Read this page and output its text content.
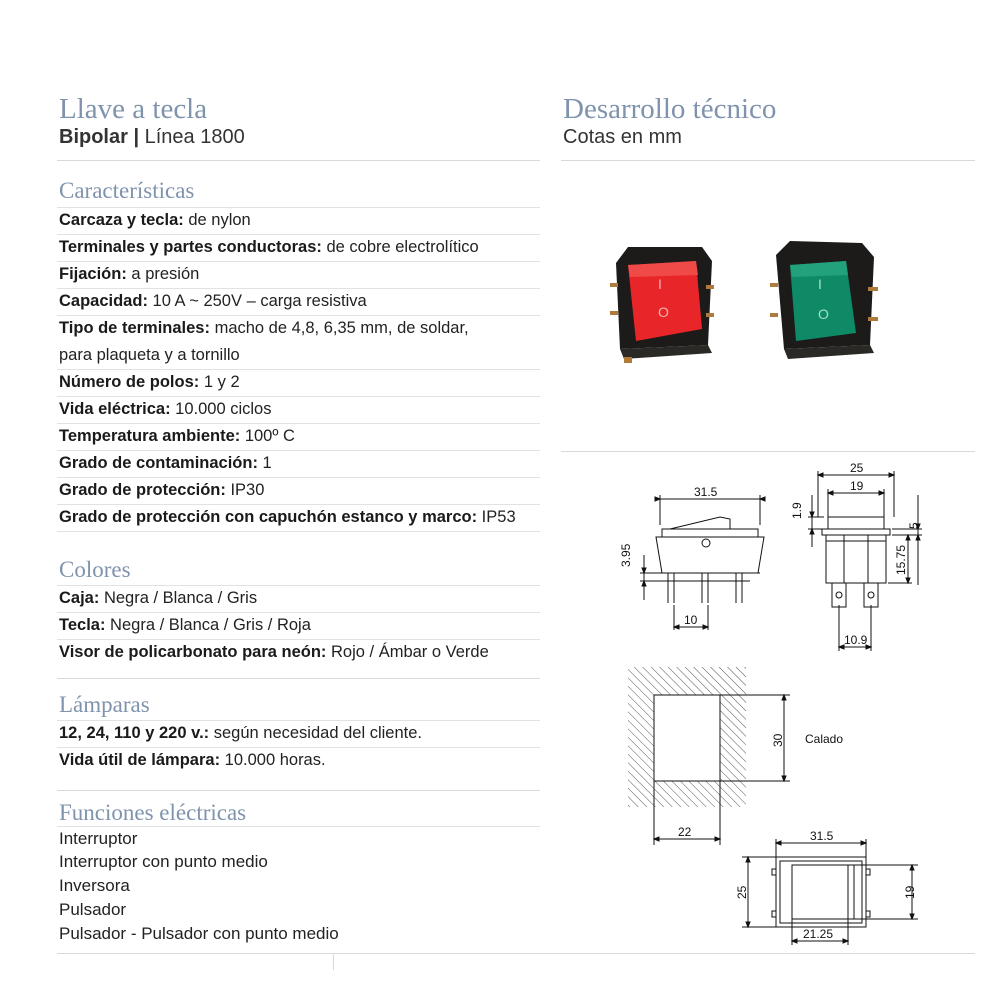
Llave a tecla
Bipolar | Línea 1800
Características
Carcaza y tecla: de nylon
Terminales y partes conductoras: de cobre electrolítico
Fijación: a presión
Capacidad: 10 A ~ 250V – carga resistiva
Tipo de terminales: macho de 4,8, 6,35 mm, de soldar,
para plaqueta y a tornillo
Número de polos: 1 y 2
Vida eléctrica: 10.000 ciclos
Temperatura ambiente: 100º C
Grado de contaminación: 1
Grado de protección: IP30
Grado de protección con capuchón estanco y marco: IP53
Colores
Caja: Negra / Blanca / Gris
Tecla: Negra / Blanca / Gris / Roja
Visor de policarbonato para neón: Rojo / Ámbar o Verde
Lámparas
12, 24, 110 y 220 v.: según necesidad del cliente.
Vida útil de lámpara: 10.000 horas.
Funciones eléctricas
Interruptor
Interruptor con punto medio
Inversora
Pulsador
Pulsador - Pulsador con punto medio
Desarrollo técnico
Cotas en mm
I
O
I
O
31.5
3.95
10
25
19
1.9
5
15.75
10.9
30 Calado
22	31.5
25	19
21.25
